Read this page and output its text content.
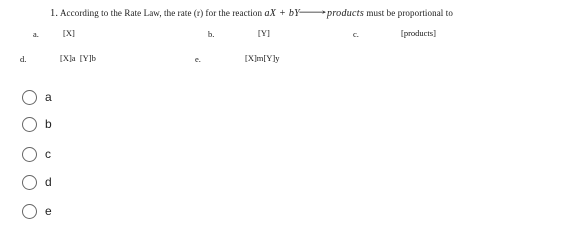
1. According to the Rate Law, the rate (r) for the reaction aX + bY⟶products must be proportional to
a.	[X]	b.	[Y]	c.	[products]
d.	[X]a  [Y]b	e.	[X]m[Y]y
a
b
c
d
e
